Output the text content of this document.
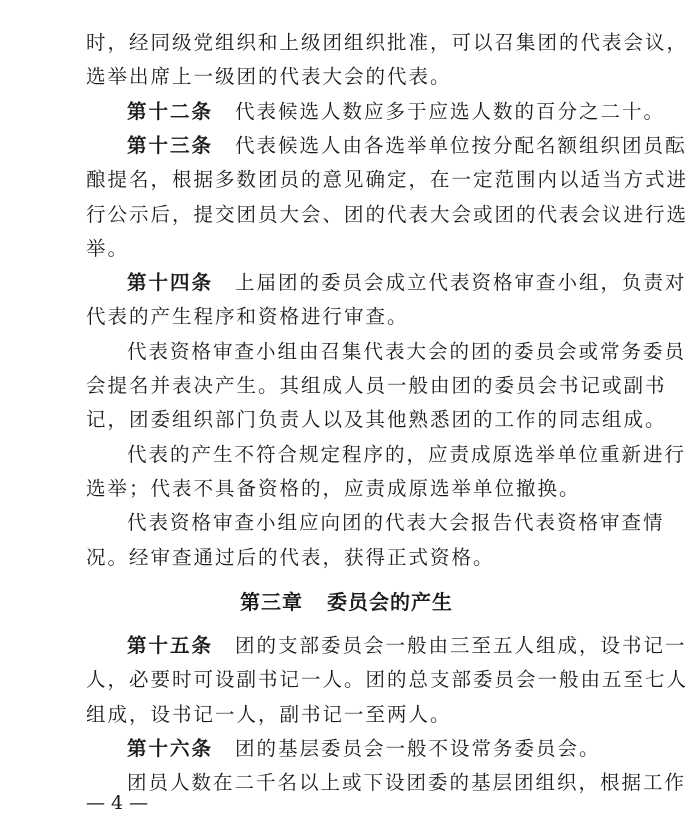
时，经同级党组织和上级团组织批准，可以召集团的代表会议，
选举出席上一级团的代表大会的代表。
第十二条 代表候选人数应多于应选人数的百分之二十。
第十三条 代表候选人由各选举单位按分配名额组织团员酝
酿提名，根据多数团员的意见确定，在一定范围内以适当方式进
行公示后，提交团员大会、团的代表大会或团的代表会议进行选
举。
第十四条 上届团的委员会成立代表资格审查小组，负责对
代表的产生程序和资格进行审查。
代表资格审查小组由召集代表大会的团的委员会或常务委员
会提名并表决产生。其组成人员一般由团的委员会书记或副书
记，团委组织部门负责人以及其他熟悉团的工作的同志组成。
代表的产生不符合规定程序的，应责成原选举单位重新进行
选举；代表不具备资格的，应责成原选举单位撤换。
代表资格审查小组应向团的代表大会报告代表资格审查情
况。经审查通过后的代表，获得正式资格。
第三章 委员会的产生
第十五条 团的支部委员会一般由三至五人组成，设书记一
人，必要时可设副书记一人。团的总支部委员会一般由五至七人
组成，设书记一人，副书记一至两人。
第十六条 团的基层委员会一般不设常务委员会。
团员人数在二千名以上或下设团委的基层团组织，根据工作
— 4 —
